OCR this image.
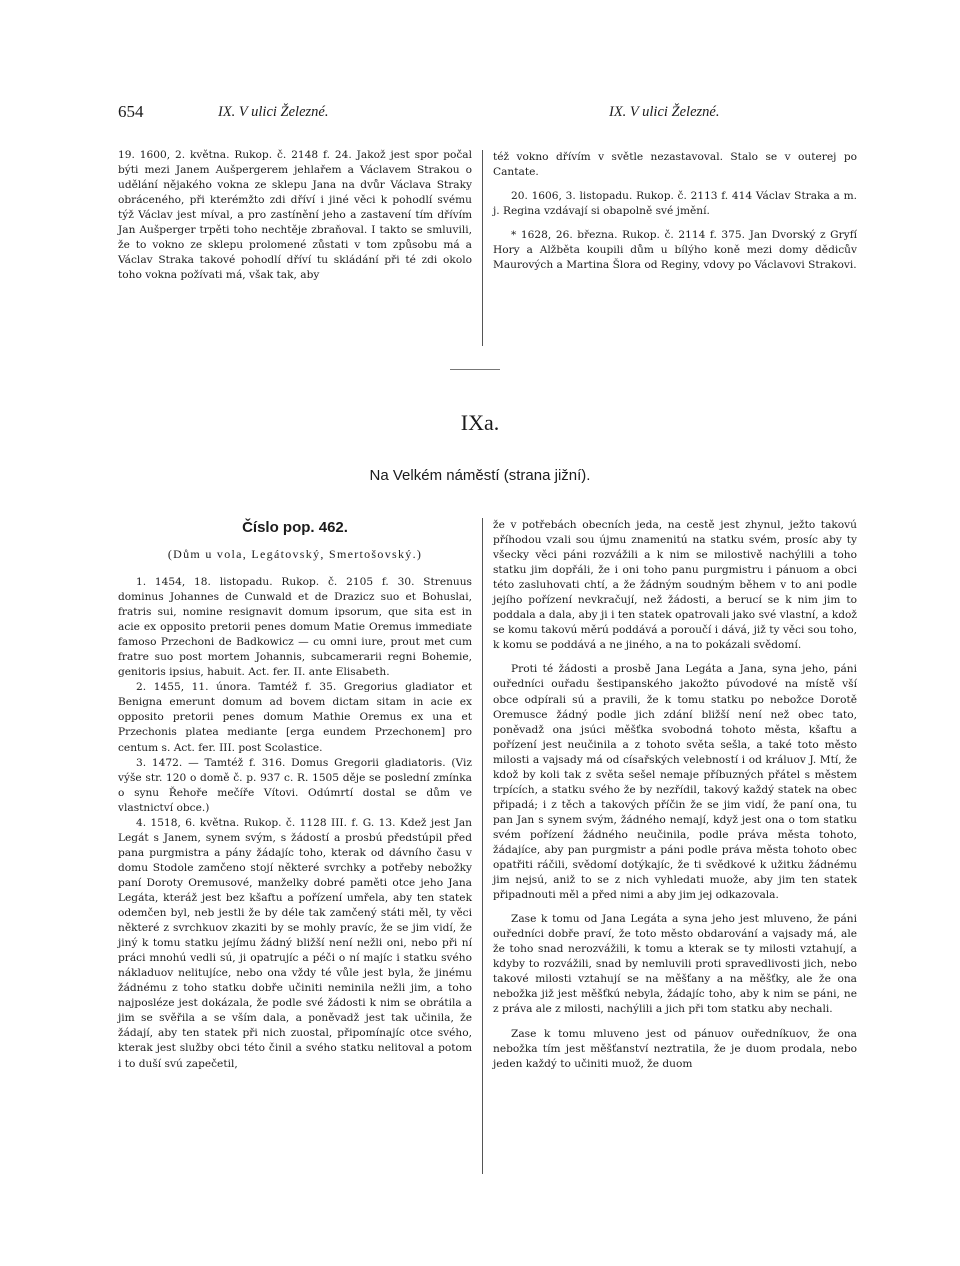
654	IX. V ulici Železné.	IX. V ulici Železné.

19. 1600, 2. května. Rukop. č. 2148 f. 24. Jakož jest spor počal býti mezi Janem Aušpergerem jehlařem a Václavem Strakou o udělání nějakého vokna ze sklepu Jana na dvůr Václava Straky obráceného, při kterémžto zdi dříví i jiné věci k pohodlí svému týž Václav jest míval, a pro zastínění jeho a zastavení tím dřívím Jan Aušperger trpěti toho nechtěje zbraňoval. I takto se smluvili, že to vokno ze sklepu prolomené zůstati v tom způsobu má a Václav Straka takové pohodlí dříví tu skládání při té zdi okolo toho vokna požívati má, však tak, aby

též vokno dřívím v světle nezastavoval. Stalo se v outerej po Cantate.

20. 1606, 3. listopadu. Rukop. č. 2113 f. 414 Václav Straka a m. j. Regina vzdávají si obapolně své jmění.

* 1628, 26. března. Rukop. č. 2114 f. 375. Jan Dvorský z Gryfí Hory a Alžběta koupili dům u bílýho koně mezi domy dědicův Maurových a Martina Šlora od Reginy, vdovy po Václavovi Strakovi.

IXa.
Na Velkém náměstí (strana jižní).
Číslo pop. 462.
(Dům u vola, Legátovský, Smertošovský.)

1. 1454, 18. listopadu. Rukop. č. 2105 f. 30. Strenuus dominus Johannes de Cunwald et de Drazicz suo et Bohuslai, fratris sui, nomine resignavit domum ipsorum, que sita est in acie ex opposito pretorii penes domum Matie Oremus immediate famoso Przechoni de Badkowicz — cu omni iure, prout met cum fratre suo post mortem Johannis, subcamerarii regni Bohemie, genitoris ipsius, habuit. Act. fer. II. ante Elisabeth.

2. 1455, 11. února. Tamtéž f. 35. Gregorius gladiator et Benigna emerunt domum ad bovem dictam sitam in acie ex opposito pretorii penes domum Mathie Oremus ex una et Przechonis platea mediante [erga eundem Przechonem] pro centum s. Act. fer. III. post Scolastice.

3. 1472. — Tamtéž f. 316. Domus Gregorii gladiatoris. (Viz výše str. 120 o domě č. p. 937 c. R. 1505 děje se poslední zmínka o synu Řehoře mečíře Vítovi. Odúmrtí dostal se dům ve vlastnictví obce.)

4. 1518, 6. května. Rukop. č. 1128 III. f. G. 13. Kdež jest Jan Legát s Janem, synem svým, s žádostí a prosbú předstúpil před pana purgmistra a pány žádajíc toho, kterak od dávního času v domu Stodole zamčeno stojí některé svrchky a potřeby nebožky paní Doroty Oremusové, manželky dobré paměti otce jeho Jana Legáta, kteráž jest bez kšaftu a pořízení umřela, aby ten statek odemčen byl, neb jestli že by déle tak zamčený státi měl, ty věci některé z svrchkuov zkaziti by se mohly pravíc, že se jim vidí, že jiný k tomu statku jejímu žádný bližší není nežli oni, nebo při ní práci mnohú vedli sú, ji opatrujíc a péči o ní majíc i statku svého nákladuov nelitujíce, nebo ona vždy té vůle jest byla, že jinému žádnému z toho statku dobře učiniti neminila nežli jim, a toho najposléze jest dokázala, že podle své žádosti k nim se obrátila a jim se svěřila a se vším dala, a poněvadž jest tak učinila, že žádají, aby ten statek při nich zuostal, připomínajíc otce svého, kterak jest služby obci této činil a svého statku nelitoval a potom i to duší svú zapečetil,

že v potřebách obecních jeda, na cestě jest zhynul, ježto takovú příhodou vzali sou újmu znamenitú na statku svém, prosíc aby ty všecky věci páni rozvážili a k nim se milostivě nachýlili a toho statku jim dopřáli, že i oni toho panu purgmistru i pánuom a obci této zasluhovati chtí, a že žádným soudným během v to ani podle jejího pořízení nevkračují, než žádosti, a berucí se k nim jim to poddala a dala, aby ji i ten statek opatrovali jako své vlastní, a kdož se komu takovú měrú poddává a poroučí i dává, již ty věci sou toho, k komu se poddává a ne jiného, a na to pokázali svědomí.

Proti té žádosti a prosbě Jana Legáta a Jana, syna jeho, páni ouředníci ouřadu šestipanského jakožto púvodové na místě vší obce odpírali sú a pravili, že k tomu statku po nebožce Dorotě Oremusce žádný podle jich zdání bližší není než obec tato, poněvadž ona jsúci měšťka svobodná tohoto města, kšaftu a pořízení jest neučinila a z tohoto světa sešla, a také toto město milosti a vajsady má od císařských velebností i od králuov J. Mtí, že kdož by koli tak z světa sešel nemaje příbuzných přátel s městem trpících, a statku svého že by nezřídil, takový každý statek na obec připadá; i z těch a takových příčin že se jim vidí, že paní ona, tu pan Jan s synem svým, žádného nemají, když jest ona o tom statku svém pořízení žádného neučinila, podle práva města tohoto, žádajíce, aby pan purgmistr a páni podle práva města tohoto obec opatřiti ráčili, svědomí dotýkajíc, že ti svědkové k užitku žádnému jim nejsú, aniž to se z nich vyhledati muože, aby jim ten statek připadnouti měl a před nimi a aby jim jej odkazovala.

Zase k tomu od Jana Legáta a syna jeho jest mluveno, že páni ouředníci dobře praví, že toto město obdarování a vajsady má, ale že toho snad nerozvážili, k tomu a kterak se ty milosti vztahují, a kdyby to rozvážili, snad by nemluvili proti spravedlivosti jich, nebo takové milosti vztahují se na měšťany a na měšťky, ale že ona nebožka již jest měšťkú nebyla, žádajíc toho, aby k nim se páni, ne z práva ale z milosti, nachýlili a jich při tom statku aby nechali.

Zase k tomu mluveno jest od pánuov ouředníkuov, že ona nebožka tím jest měšťanství neztratila, že je duom prodala, nebo jeden každý to učiniti muož, že duom
